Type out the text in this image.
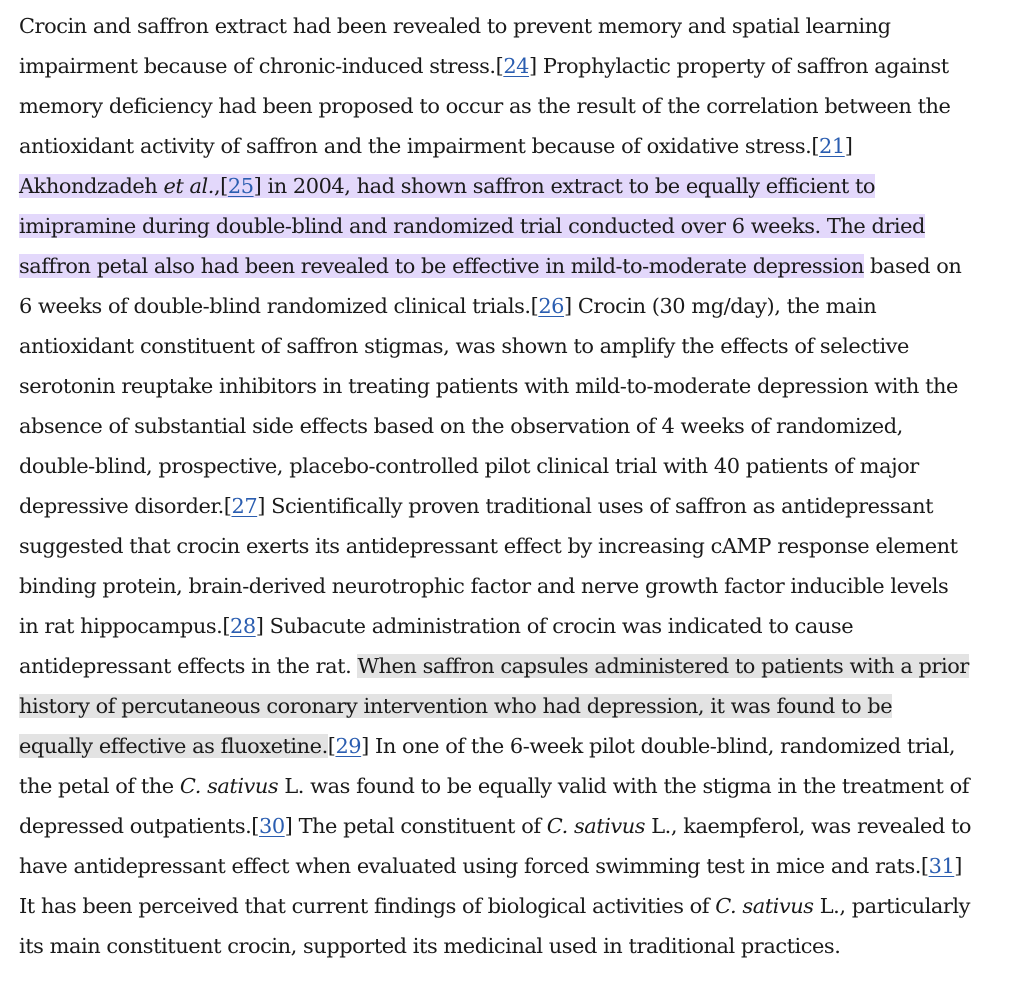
Crocin and saffron extract had been revealed to prevent memory and spatial learning
impairment because of chronic-induced stress.[24] Prophylactic property of saffron against
memory deficiency had been proposed to occur as the result of the correlation between the
antioxidant activity of saffron and the impairment because of oxidative stress.[21]
Akhondzadeh et al.,[25] in 2004, had shown saffron extract to be equally efficient to
imipramine during double-blind and randomized trial conducted over 6 weeks. The dried
saffron petal also had been revealed to be effective in mild-to-moderate depression based on
6 weeks of double-blind randomized clinical trials.[26] Crocin (30 mg/day), the main
antioxidant constituent of saffron stigmas, was shown to amplify the effects of selective
serotonin reuptake inhibitors in treating patients with mild-to-moderate depression with the
absence of substantial side effects based on the observation of 4 weeks of randomized,
double-blind, prospective, placebo-controlled pilot clinical trial with 40 patients of major
depressive disorder.[27] Scientifically proven traditional uses of saffron as antidepressant
suggested that crocin exerts its antidepressant effect by increasing cAMP response element
binding protein, brain-derived neurotrophic factor and nerve growth factor inducible levels
in rat hippocampus.[28] Subacute administration of crocin was indicated to cause
antidepressant effects in the rat. When saffron capsules administered to patients with a prior
history of percutaneous coronary intervention who had depression, it was found to be
equally effective as fluoxetine.[29] In one of the 6-week pilot double-blind, randomized trial,
the petal of the C. sativus L. was found to be equally valid with the stigma in the treatment of
depressed outpatients.[30] The petal constituent of C. sativus L., kaempferol, was revealed to
have antidepressant effect when evaluated using forced swimming test in mice and rats.[31]
It has been perceived that current findings of biological activities of C. sativus L., particularly
its main constituent crocin, supported its medicinal used in traditional practices.
